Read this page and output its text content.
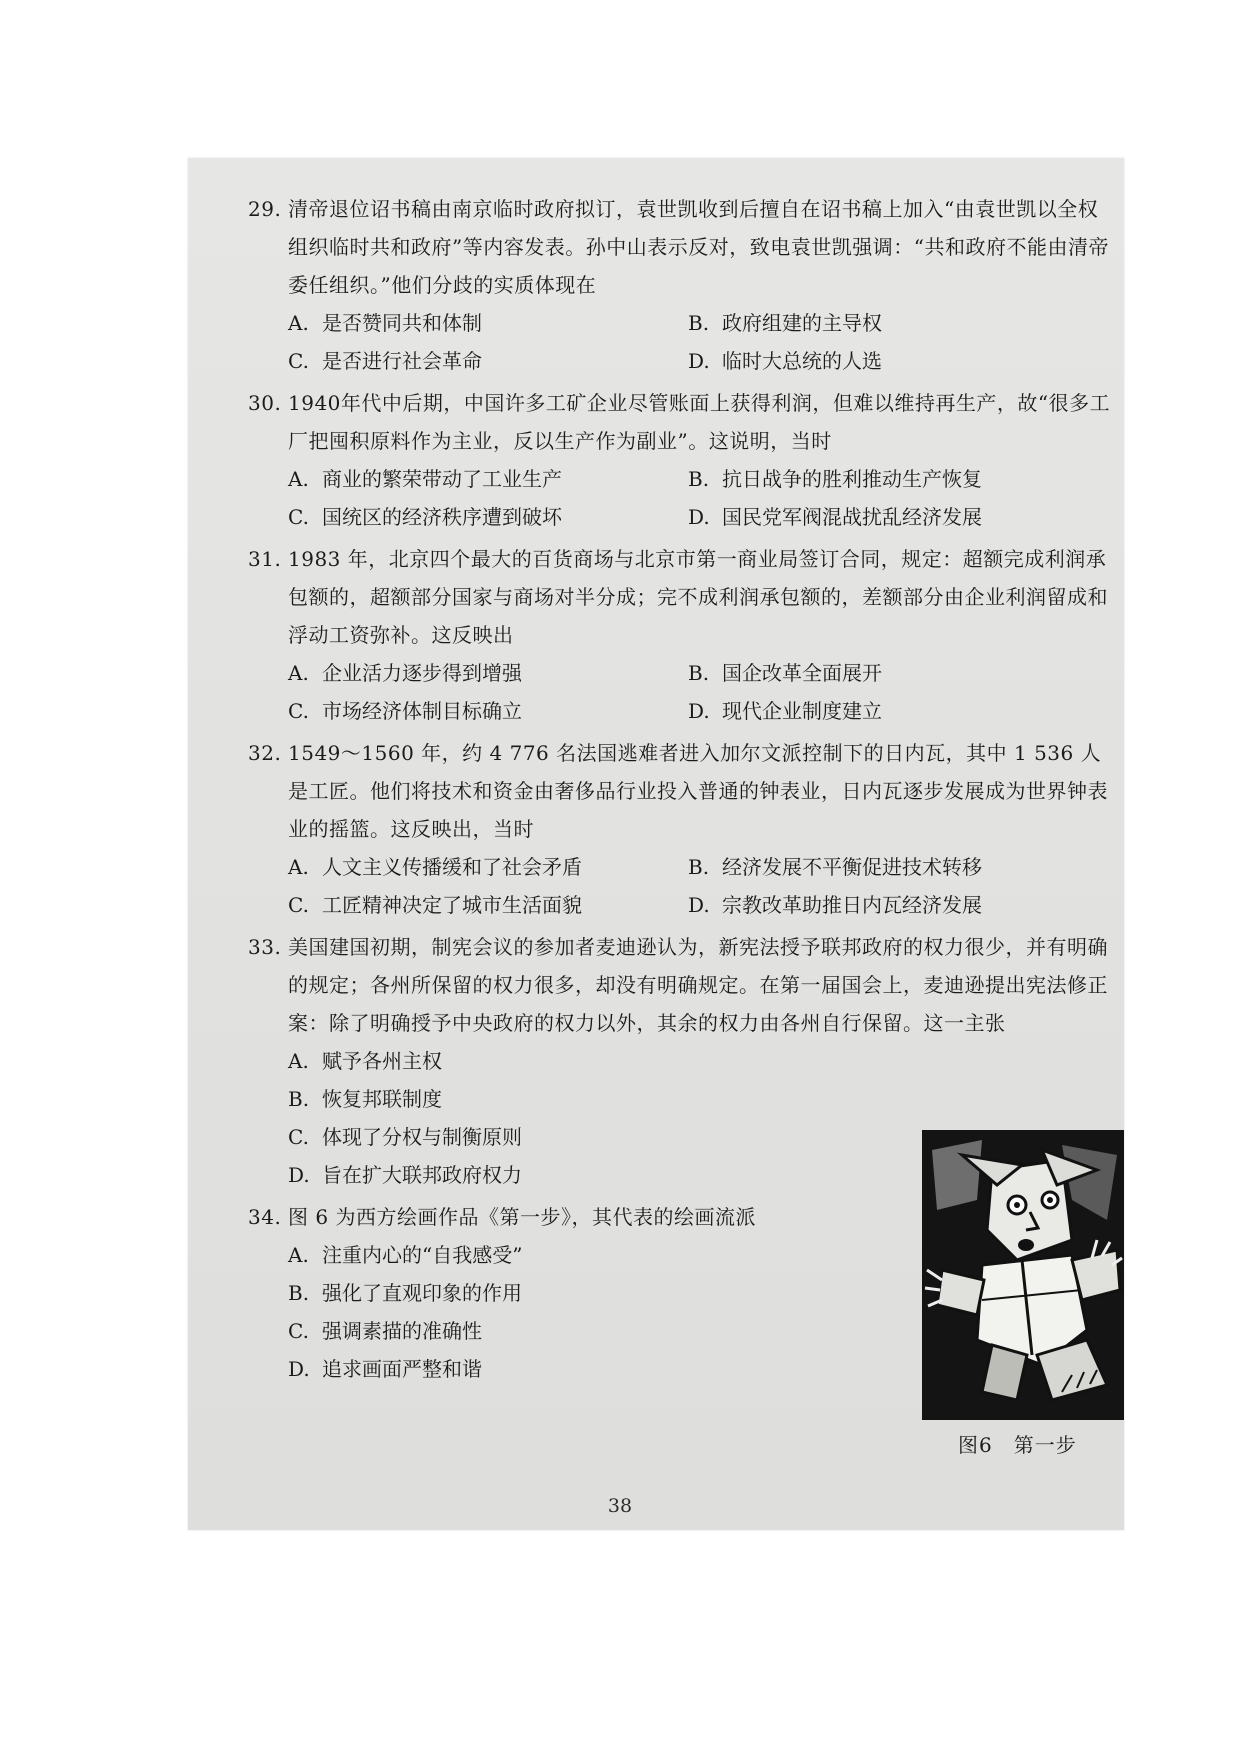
29. 清帝退位诏书稿由南京临时政府拟订，袁世凯收到后擅自在诏书稿上加入“由袁世凯以全权组织临时共和政府”等内容发表。孙中山表示反对，致电袁世凯强调：“共和政府不能由清帝委任组织。”他们分歧的实质体现在
A. 是否赞同共和体制	B. 政府组建的主导权
C. 是否进行社会革命	D. 临时大总统的人选
30. 1940年代中后期，中国许多工矿企业尽管账面上获得利润，但难以维持再生产，故“很多工厂把囤积原料作为主业，反以生产作为副业”。这说明，当时
A. 商业的繁荣带动了工业生产	B. 抗日战争的胜利推动生产恢复
C. 国统区的经济秩序遭到破坏	D. 国民党军阀混战扰乱经济发展
31. 1983 年，北京四个最大的百货商场与北京市第一商业局签订合同，规定：超额完成利润承包额的，超额部分国家与商场对半分成；完不成利润承包额的，差额部分由企业利润留成和浮动工资弥补。这反映出
A. 企业活力逐步得到增强	B. 国企改革全面展开
C. 市场经济体制目标确立	D. 现代企业制度建立
32. 1549～1560 年，约 4 776 名法国逃难者进入加尔文派控制下的日内瓦，其中 1 536 人是工匠。他们将技术和资金由奢侈品行业投入普通的钟表业，日内瓦逐步发展成为世界钟表业的摇篮。这反映出，当时
A. 人文主义传播缓和了社会矛盾	B. 经济发展不平衡促进技术转移
C. 工匠精神决定了城市生活面貌	D. 宗教改革助推日内瓦经济发展
33. 美国建国初期，制宪会议的参加者麦迪逊认为，新宪法授予联邦政府的权力很少，并有明确的规定；各州所保留的权力很多，却没有明确规定。在第一届国会上，麦迪逊提出宪法修正案：除了明确授予中央政府的权力以外，其余的权力由各州自行保留。这一主张
A. 赋予各州主权
B. 恢复邦联制度
C. 体现了分权与制衡原则
D. 旨在扩大联邦政府权力
34. 图 6 为西方绘画作品《第一步》，其代表的绘画流派
A. 注重内心的“自我感受”
B. 强化了直观印象的作用
C. 强调素描的准确性
D. 追求画面严整和谐
图6　第一步
38
